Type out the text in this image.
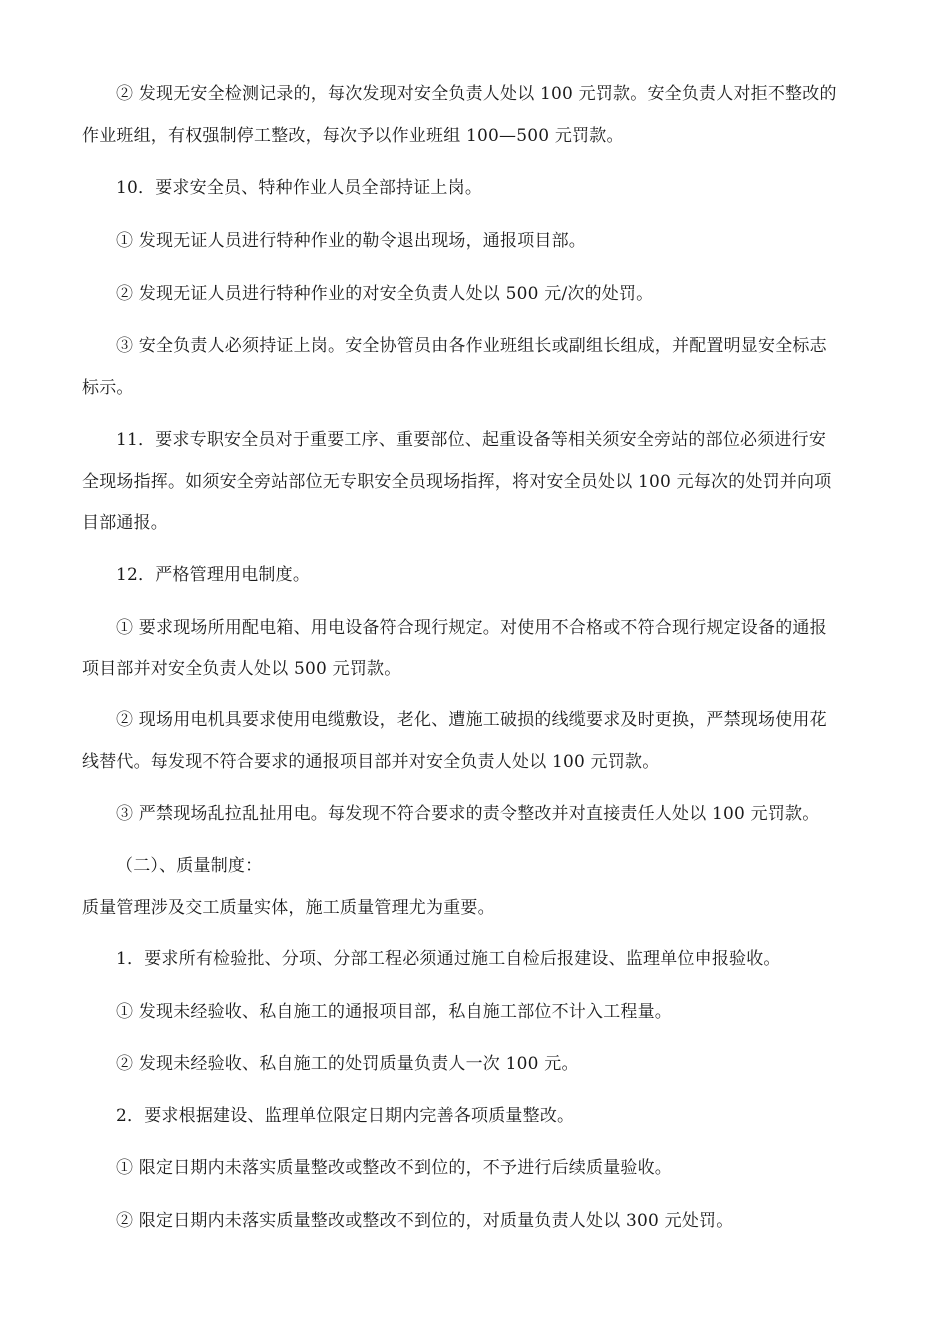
② 发现无安全检测记录的，每次发现对安全负责人处以 100 元罚款。安全负责人对拒不整改的
作业班组，有权强制停工整改，每次予以作业班组 100—500 元罚款。
10．要求安全员、特种作业人员全部持证上岗。
① 发现无证人员进行特种作业的勒令退出现场，通报项目部。
② 发现无证人员进行特种作业的对安全负责人处以 500 元/次的处罚。
③ 安全负责人必须持证上岗。安全协管员由各作业班组长或副组长组成，并配置明显安全标志
标示。
11．要求专职安全员对于重要工序、重要部位、起重设备等相关须安全旁站的部位必须进行安
全现场指挥。如须安全旁站部位无专职安全员现场指挥，将对安全员处以 100 元每次的处罚并向项
目部通报。
12．严格管理用电制度。
① 要求现场所用配电箱、用电设备符合现行规定。对使用不合格或不符合现行规定设备的通报
项目部并对安全负责人处以 500 元罚款。
② 现场用电机具要求使用电缆敷设，老化、遭施工破损的线缆要求及时更换，严禁现场使用花
线替代。每发现不符合要求的通报项目部并对安全负责人处以 100 元罚款。
③ 严禁现场乱拉乱扯用电。每发现不符合要求的责令整改并对直接责任人处以 100 元罚款。
（二）、质量制度：
质量管理涉及交工质量实体，施工质量管理尤为重要。
1．要求所有检验批、分项、分部工程必须通过施工自检后报建设、监理单位申报验收。
① 发现未经验收、私自施工的通报项目部，私自施工部位不计入工程量。
② 发现未经验收、私自施工的处罚质量负责人一次 100 元。
2．要求根据建设、监理单位限定日期内完善各项质量整改。
① 限定日期内未落实质量整改或整改不到位的，不予进行后续质量验收。
② 限定日期内未落实质量整改或整改不到位的，对质量负责人处以 300 元处罚。
